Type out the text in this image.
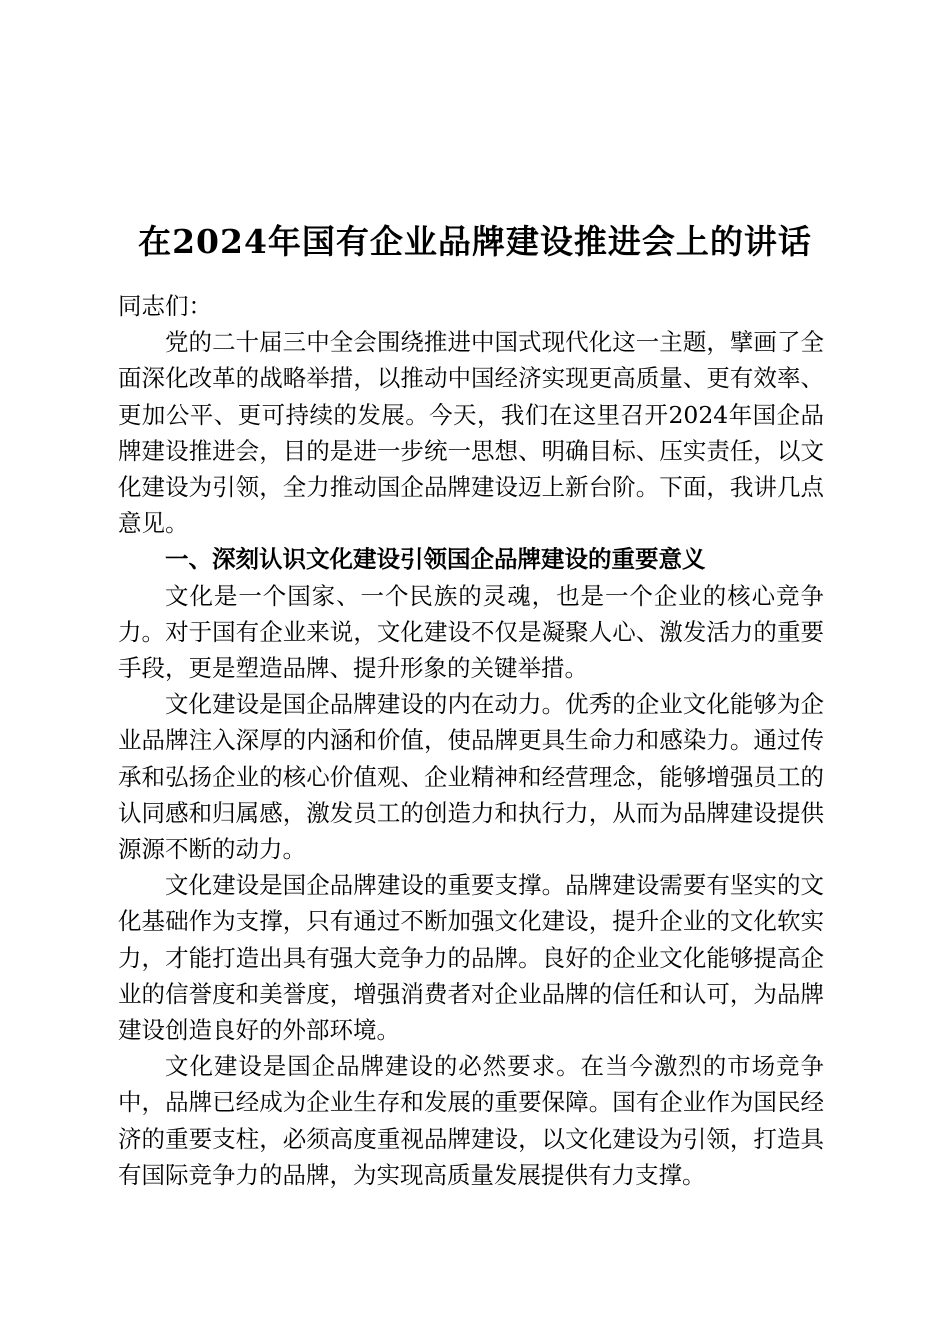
在2024年国有企业品牌建设推进会上的讲话

同志们：

党的二十届三中全会围绕推进中国式现代化这一主题，擘画了全面深化改革的战略举措，以推动中国经济实现更高质量、更有效率、更加公平、更可持续的发展。今天，我们在这里召开2024年国企品牌建设推进会，目的是进一步统一思想、明确目标、压实责任，以文化建设为引领，全力推动国企品牌建设迈上新台阶。下面，我讲几点意见。

一、深刻认识文化建设引领国企品牌建设的重要意义

文化是一个国家、一个民族的灵魂，也是一个企业的核心竞争力。对于国有企业来说，文化建设不仅是凝聚人心、激发活力的重要手段，更是塑造品牌、提升形象的关键举措。

文化建设是国企品牌建设的内在动力。优秀的企业文化能够为企业品牌注入深厚的内涵和价值，使品牌更具生命力和感染力。通过传承和弘扬企业的核心价值观、企业精神和经营理念，能够增强员工的认同感和归属感，激发员工的创造力和执行力，从而为品牌建设提供源源不断的动力。

文化建设是国企品牌建设的重要支撑。品牌建设需要有坚实的文化基础作为支撑，只有通过不断加强文化建设，提升企业的文化软实力，才能打造出具有强大竞争力的品牌。良好的企业文化能够提高企业的信誉度和美誉度，增强消费者对企业品牌的信任和认可，为品牌建设创造良好的外部环境。

文化建设是国企品牌建设的必然要求。在当今激烈的市场竞争中，品牌已经成为企业生存和发展的重要保障。国有企业作为国民经济的重要支柱，必须高度重视品牌建设，以文化建设为引领，打造具有国际竞争力的品牌，为实现高质量发展提供有力支撑。
